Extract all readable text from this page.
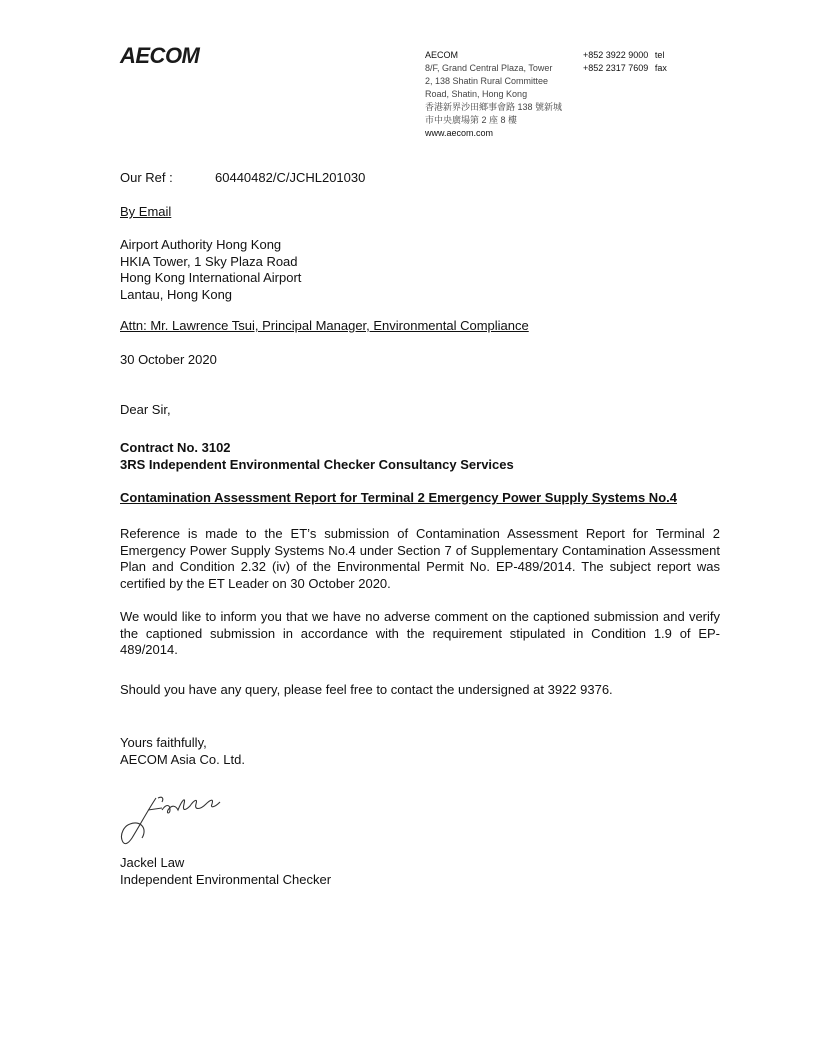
AECOM	AECOM
8/F, Grand Central Plaza, Tower
2, 138 Shatin Rural Committee
Road, Shatin, Hong Kong
香港新界沙田鄉事會路 138 號新城
市中央廣場第 2 座 8 樓
www.aecom.com
+852 3922 9000 tel
+852 2317 7609 fax
Our Ref :	60440482/C/JCHL201030
By Email
Airport Authority Hong Kong
HKIA Tower, 1 Sky Plaza Road
Hong Kong International Airport
Lantau, Hong Kong
Attn: Mr. Lawrence Tsui, Principal Manager, Environmental Compliance
30 October 2020
Dear Sir,
Contract No. 3102
3RS Independent Environmental Checker Consultancy Services
Contamination Assessment Report for Terminal 2 Emergency Power Supply Systems No.4
Reference is made to the ET’s submission of Contamination Assessment Report for Terminal 2 Emergency Power Supply Systems No.4 under Section 7 of Supplementary Contamination Assessment Plan and Condition 2.32 (iv) of the Environmental Permit No. EP-489/2014. The subject report was certified by the ET Leader on 30 October 2020.
We would like to inform you that we have no adverse comment on the captioned submission and verify the captioned submission in accordance with the requirement stipulated in Condition 1.9 of EP-489/2014.
Should you have any query, please feel free to contact the undersigned at 3922 9376.
Yours faithfully,
AECOM Asia Co. Ltd.
Jackel Law
Independent Environmental Checker
